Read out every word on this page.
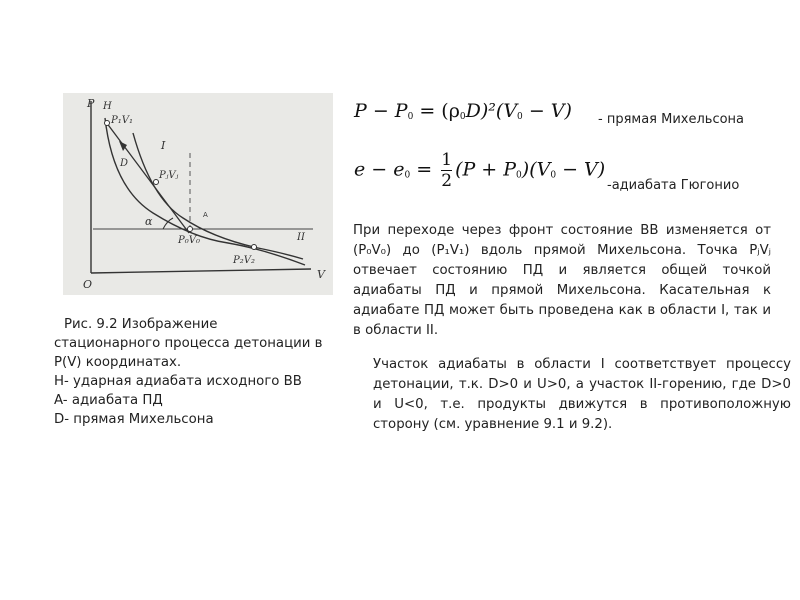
P H
P₁V₁
D
I
PⱼVⱼ
α	A
P₀V₀	II
P₂V₂
O
V
Рис. 9.2 Изображение
стационарного процесса детонации в
P(V) координатах.
H- ударная адиабата исходного ВВ
A- адиабата ПД
D- прямая Михельсона
$P - P_0 = (\rho_0D)^2(V_0 - V)$ - прямая Михельсона
$e - e_0 = \frac{1}{2} (P + P_0)(V_0 - V)$
-адиабата Гюгонио
При переходе через фронт состояние ВВ изменяется от (P₀V₀) до (P₁V₁) вдоль прямой Михельсона. Точка PⱼVⱼ отвечает состоянию ПД и является общей точкой адиабаты ПД и прямой Михельсона. Касательная к адиабате ПД может быть проведена как в области I, так и в области II.
Участок адиабаты в области I соответствует процессу детонации, т.к. D>0 и U>0, а участок II-горению, где D>0 и U<0, т.е. продукты движутся в противоположную сторону (см. уравнение 9.1 и 9.2).
